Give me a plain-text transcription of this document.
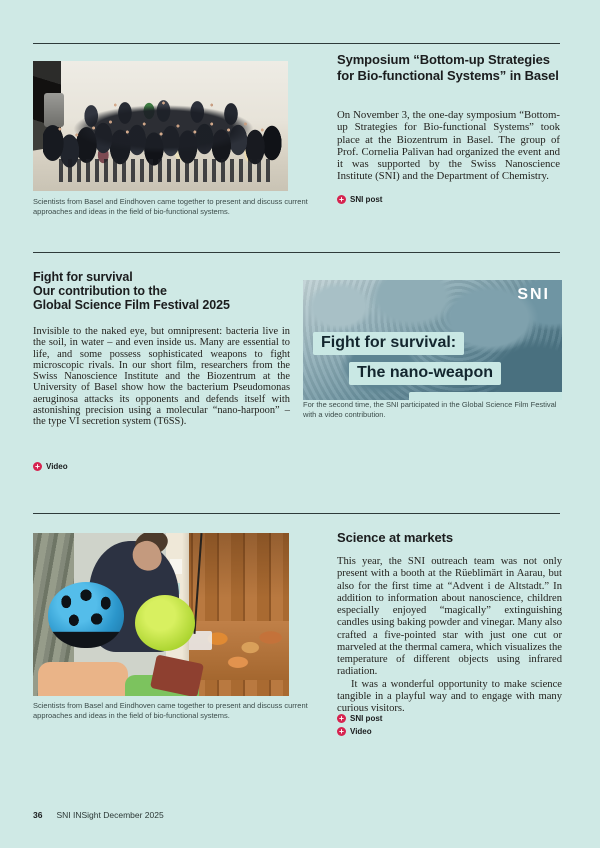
Scientists from Basel and Eindhoven came together to present and discuss current approaches and ideas in the field of bio-functional systems.
Symposium “Bottom-up Strategies for Bio-functional Systems” in Basel

On November 3, the one-day symposium “Bottom-up Strategies for Bio-functional Systems” took place at the Biozentrum in Basel. The group of Prof. Cornelia Palivan had organized the event and it was supported by the Swiss Nanoscience Institute (SNI) and the Department of Chemistry.

+
SNI post
Fight for survival
Our contribution to the
Global Science Film Festival 2025

Invisible to the naked eye, but omnipresent: bacteria live in the soil, in water – and even inside us. Many are essential to life, and some possess sophisticated weapons to fight microscopic rivals. In our short film, researchers from the Swiss Nanoscience Institute and the Biozentrum at the University of Basel show how the bacterium Pseudomonas aeruginosa attacks its opponents and defends itself with astonishing precision using a molecular “nano-harpoon” – the type VI secretion system (T6SS).

+
Video
SNI
Fight for survival:
The nano-weapon
For the second time, the SNI participated in the Global Science Film Festival with a video contribution.
Scientists from Basel and Eindhoven came together to present and discuss current approaches and ideas in the field of bio-functional systems.
Science at markets

This year, the SNI outreach team was not only present with a booth at the Rüeblimärt in Aarau, but also for the first time at “Advent i de Altstadt.” In addition to information about nanoscience, children especially enjoyed “magically” extinguishing candles using baking powder and vinegar. Many also crafted a five-pointed star with just one cut or marveled at the thermal camera, which visualizes the temperature of different objects using infrared radiation.

It was a wonderful opportunity to make science tangible in a playful way and to engage with many curious visitors.

+
SNI post
+
Video
36 SNI INSight December 2025
